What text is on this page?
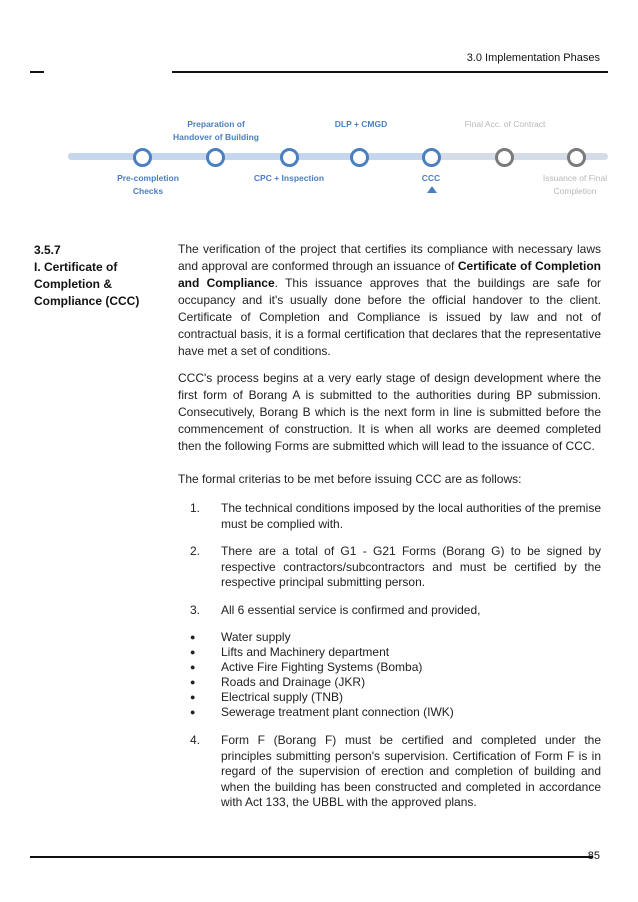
3.0 Implementation Phases
Preparation of
Handover of Building
DLP + CMGD	Final Acc. of Contract
Pre-completion
Checks
CPC + Inspection	CCC	Issuance of Final
Completion
3.5.7
I. Certificate of Completion & Compliance (CCC)
The verification of the project that certifies its compliance with necessary laws and approval are conformed through an issuance of Certificate of Completion and Compliance. This issuance approves that the buildings are safe for occupancy and it's usually done before the official handover to the client. Certificate of Completion and Compliance is issued by law and not of contractual basis, it is a formal certification that declares that the representative have met a set of conditions.
CCC's process begins at a very early stage of design development where the first form of Borang A is submitted to the authorities during BP submission. Consecutively, Borang B which is the next form in line is submitted before the commencement of construction. It is when all works are deemed completed then the following Forms are submitted which will lead to the issuance of CCC.
The formal criterias to be met before issuing CCC are as follows:
1.	The technical conditions imposed by the local authorities of the premise must be complied with.
2.	There are a total of G1 - G21 Forms (Borang G) to be signed by respective contractors/subcontractors and must be certified by the respective principal submitting person.
3.	All 6 essential service is confirmed and provided,
●	Water supply
●	Lifts and Machinery department
●	Active Fire Fighting Systems (Bomba)
●	Roads and Drainage (JKR)
●	Electrical supply (TNB)
●	Sewerage treatment plant connection (IWK)
4.	Form F (Borang F) must be certified and completed under the principles submitting person's supervision. Certification of Form F is in regard of the supervision of erection and completion of building and when the building has been constructed and completed in accordance with Act 133, the UBBL with the approved plans.
85
